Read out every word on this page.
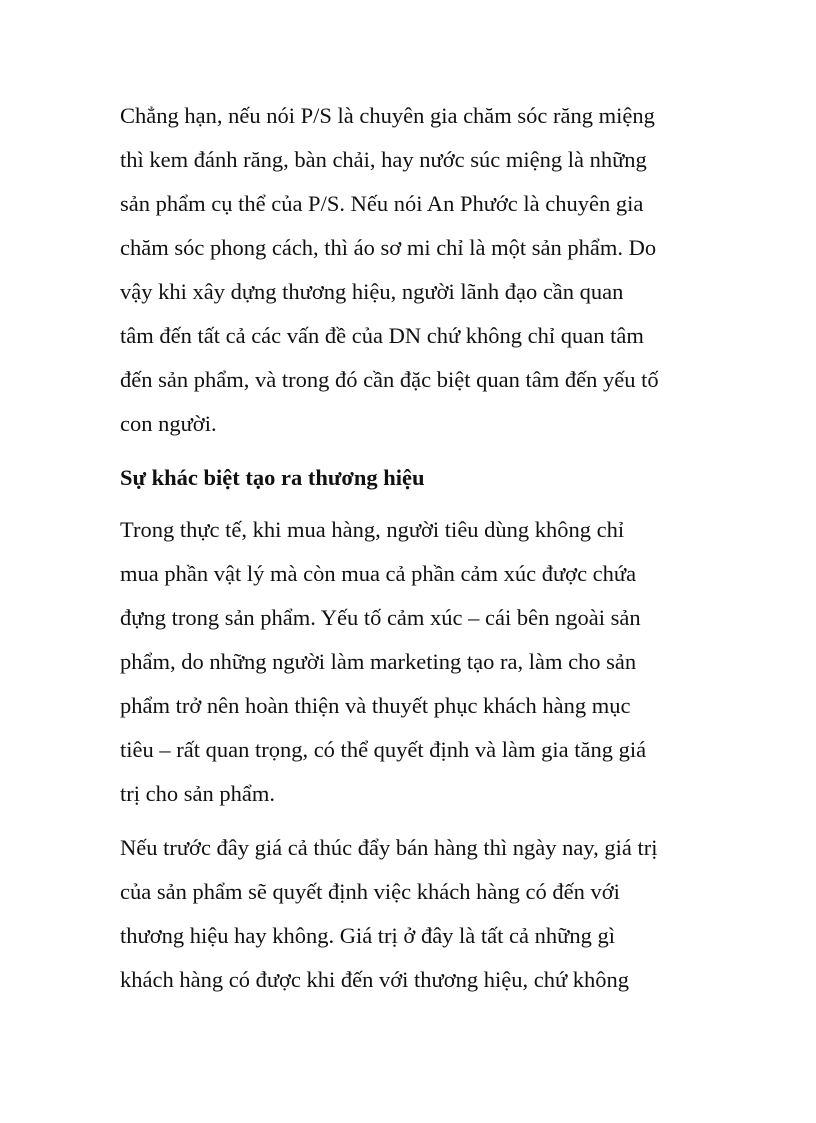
Chẳng hạn, nếu nói P/S là chuyên gia chăm sóc răng miệng
thì kem đánh răng, bàn chải, hay nước súc miệng là những
sản phẩm cụ thể của P/S. Nếu nói An Phước là chuyên gia
chăm sóc phong cách, thì áo sơ mi chỉ là một sản phẩm. Do
vậy khi xây dựng thương hiệu, người lãnh đạo cần quan
tâm đến tất cả các vấn đề của DN chứ không chỉ quan tâm
đến sản phẩm, và trong đó cần đặc biệt quan tâm đến yếu tố
con người.
Sự khác biệt tạo ra thương hiệu
Trong thực tế, khi mua hàng, người tiêu dùng không chỉ
mua phần vật lý mà còn mua cả phần cảm xúc được chứa
đựng trong sản phẩm. Yếu tố cảm xúc – cái bên ngoài sản
phẩm, do những người làm marketing tạo ra, làm cho sản
phẩm trở nên hoàn thiện và thuyết phục khách hàng mục
tiêu – rất quan trọng, có thể quyết định và làm gia tăng giá
trị cho sản phẩm.
Nếu trước đây giá cả thúc đẩy bán hàng thì ngày nay, giá trị
của sản phẩm sẽ quyết định việc khách hàng có đến với
thương hiệu hay không. Giá trị ở đây là tất cả những gì
khách hàng có được khi đến với thương hiệu, chứ không
